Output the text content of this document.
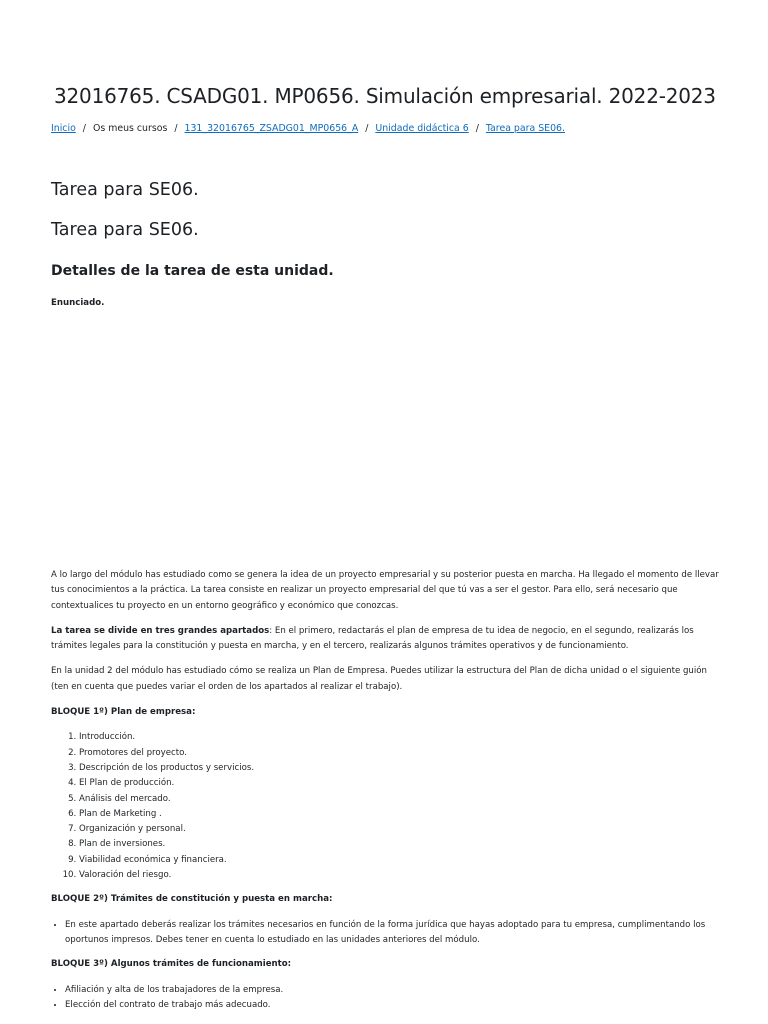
32016765. CSADG01. MP0656. Simulación empresarial. 2022-2023
Inicio / Os meus cursos / 131_32016765_ZSADG01_MP0656_A / Unidade didáctica 6 / Tarea para SE06.
Tarea para SE06.
Tarea para SE06.
Detalles de la tarea de esta unidad.
Enunciado.

A lo largo del módulo has estudiado como se genera la idea de un proyecto empresarial y su posterior puesta en marcha. Ha llegado el momento de llevar tus conocimientos a la práctica. La tarea consiste en realizar un proyecto empresarial del que tú vas a ser el gestor. Para ello, será necesario que contextualices tu proyecto en un entorno geográfico y económico que conozcas.

La tarea se divide en tres grandes apartados: En el primero, redactarás el plan de empresa de tu idea de negocio, en el segundo, realizarás los trámites legales para la constitución y puesta en marcha, y en el tercero, realizarás algunos trámites operativos y de funcionamiento.

En la unidad 2 del módulo has estudiado cómo se realiza un Plan de Empresa. Puedes utilizar la estructura del Plan de dicha unidad o el siguiente guión (ten en cuenta que puedes variar el orden de los apartados al realizar el trabajo).

BLOQUE 1º) Plan de empresa:

1. Introducción.
2. Promotores del proyecto.
3. Descripción de los productos y servicios.
4. El Plan de producción.
5. Análisis del mercado.
6. Plan de Marketing .
7. Organización y personal.
8. Plan de inversiones.
9. Viabilidad económica y financiera.
10. Valoración del riesgo.

BLOQUE 2º) Trámites de constitución y puesta en marcha:

• En este apartado deberás realizar los trámites necesarios en función de la forma jurídica que hayas adoptado para tu empresa, cumplimentando los oportunos impresos. Debes tener en cuenta lo estudiado en las unidades anteriores del módulo.

BLOQUE 3º) Algunos trámites de funcionamiento:

• Afiliación y alta de los trabajadores de la empresa.
• Elección del contrato de trabajo más adecuado.
